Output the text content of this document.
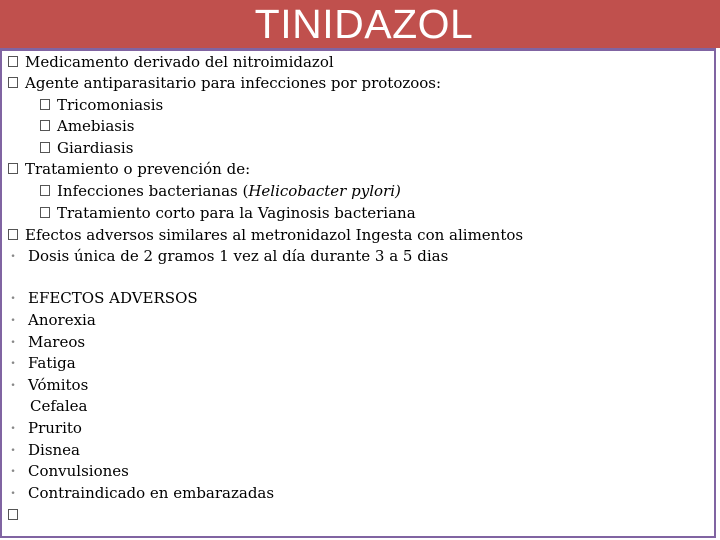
TINIDAZOL
Medicamento derivado del nitroimidazol
Agente antiparasitario para infecciones por protozoos:
Tricomoniasis
Amebiasis
Giardiasis
Tratamiento o prevención de:
Infecciones bacterianas (Helicobacter pylori)
Tratamiento corto para la Vaginosis bacteriana
Efectos adversos similares al metronidazol Ingesta con alimentos
• Dosis única de 2 gramos 1 vez al día durante 3 a 5 dias
• EFECTOS ADVERSOS
• Anorexia
• Mareos
• Fatiga
• Vómitos
Cefalea
• Prurito
• Disnea
• Convulsiones
• Contraindicado en embarazadas
